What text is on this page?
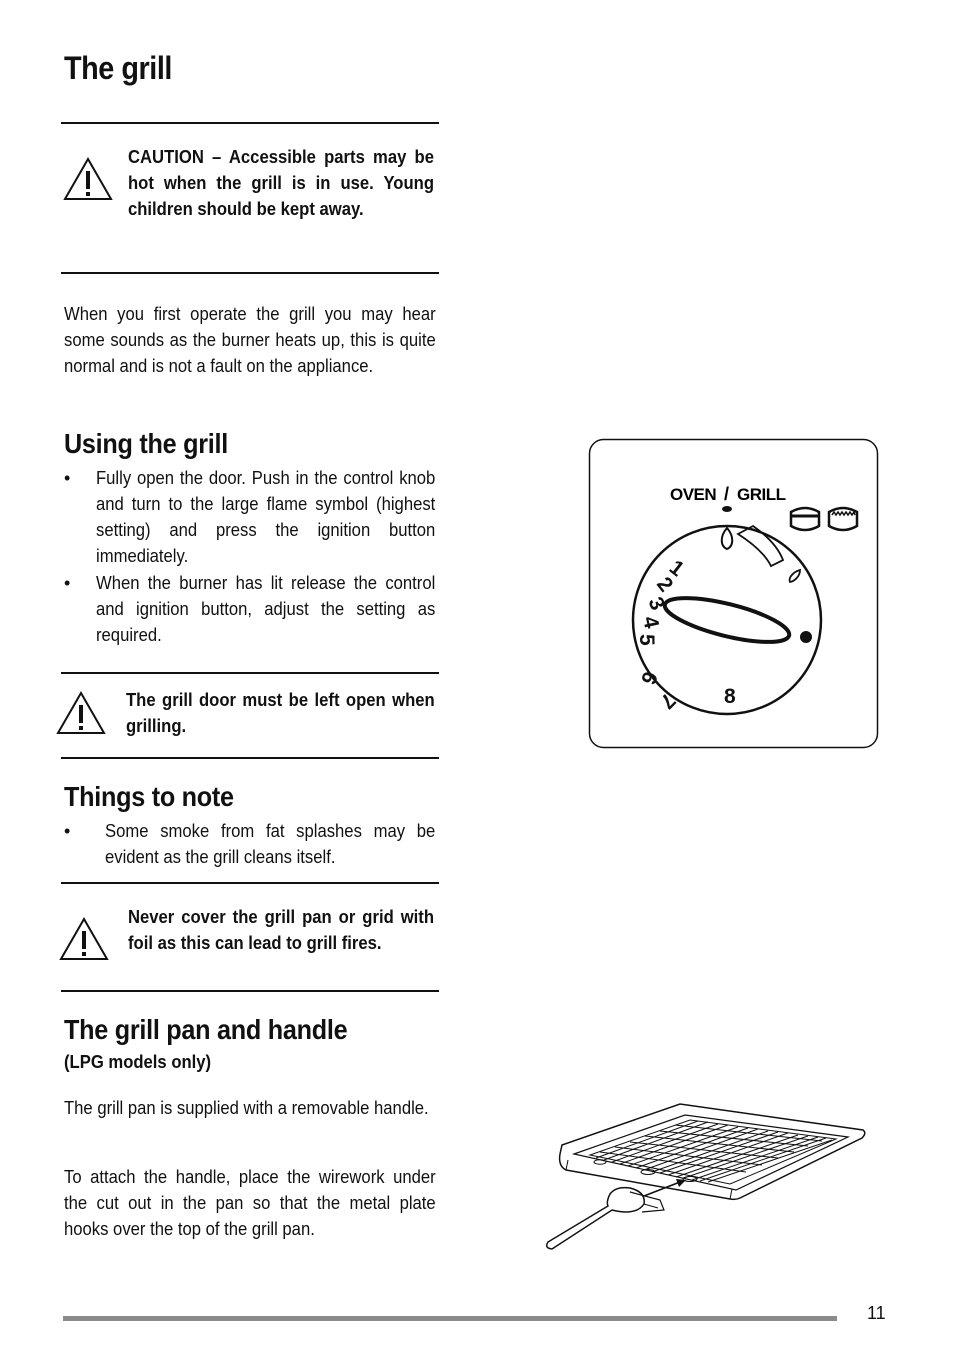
The grill
CAUTION – Accessible parts may be hot when the grill is in use. Young children should be kept away.
When you first operate the grill you may hear some sounds as the burner heats up, this is quite normal and is not a fault on the appliance.
Using the grill
• Fully open the door. Push in the control knob and turn to the large flame symbol (highest setting) and press the ignition button immediately.
• When the burner has lit release the control and ignition button, adjust the setting as required.
The grill door must be left open when grilling.
Things to note
• Some smoke from fat splashes may be evident as the grill cleans itself.
Never cover the grill pan or grid with foil as this can lead to grill fires.
The grill pan and handle
(LPG models only)
The grill pan is supplied with a removable handle.
To attach the handle, place the wirework under the cut out in the pan so that the metal plate hooks over the top of the grill pan.
OVEN / GRILL
1
2
3
4
5
6
7 8
11
